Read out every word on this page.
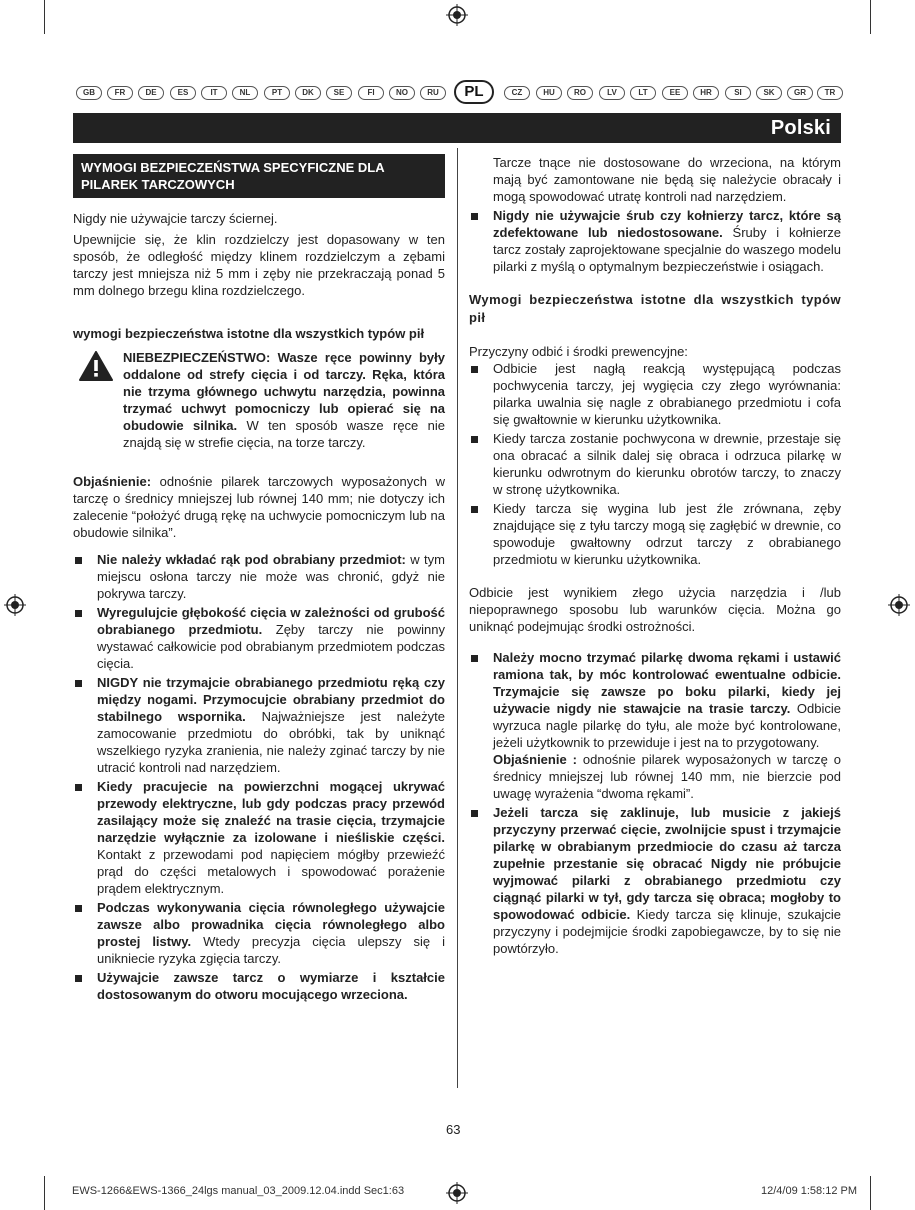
GB	FR	DE	ES	IT	NL	PT	DK	SE	FI	NO	RU	PL	CZ	HU	RO	LV	LT	EE	HR	SI	SK	GR	TR
Polski
WYMOGI BEZPIECZEŃSTWA SPECYFICZNE DLA PILAREK TARCZOWYCH

Nigdy nie używajcie tarczy ściernej.

Upewnijcie się, że klin rozdzielczy jest dopasowany w ten sposób, że odległość między klinem rozdzielczym a zębami tarczy jest mniejsza niż 5 mm i zęby nie przekraczają ponad 5 mm dolnego brzegu klina rozdzielczego.

wymogi bezpieczeństwa istotne dla wszystkich typów pił

NIEBEZPIECZEŃSTWO: Wasze ręce powinny były oddalone od strefy cięcia i od tarczy. Ręka, która nie trzyma głównego uchwytu narzędzia, powinna trzymać uchwyt pomocniczy lub opierać się na obudowie silnika. W ten sposób wasze ręce nie znajdą się w strefie cięcia, na torze tarczy.

Objaśnienie: odnośnie pilarek tarczowych wyposażonych w tarczę o średnicy mniejszej lub równej 140 mm; nie dotyczy ich zalecenie “położyć drugą rękę na uchwycie pomocniczym lub na obudowie silnika”.

Nie należy wkładać rąk pod obrabiany przedmiot: w tym miejscu osłona tarczy nie może was chronić, gdyż nie pokrywa tarczy.
Wyregulujcie głębokość cięcia w zależności od grubość obrabianego przedmiotu. Zęby tarczy nie powinny wystawać całkowicie pod obrabianym przedmiotem podczas cięcia.
NIGDY nie trzymajcie obrabianego przedmiotu ręką czy między nogami. Przymocujcie obrabiany przedmiot do stabilnego wspornika. Najważniejsze jest należyte zamocowanie przedmiotu do obróbki, tak by uniknąć wszelkiego ryzyka zranienia, nie należy zginać tarczy by nie utracić kontroli nad narzędziem.
Kiedy pracujecie na powierzchni mogącej ukrywać przewody elektryczne, lub gdy podczas pracy przewód zasilający może się znaleźć na trasie cięcia, trzymajcie narzędzie wyłącznie za izolowane i nieśliskie części. Kontakt z przewodami pod napięciem mógłby przewieźć prąd do części metalowych i spowodować porażenie prądem elektrycznym.
Podczas wykonywania cięcia równoległego używajcie zawsze albo prowadnika cięcia równoległego albo prostej listwy. Wtedy precyzja cięcia ulepszy się i unikniecie ryzyka zgięcia tarczy.
Używajcie zawsze tarcz o wymiarze i kształcie dostosowanym do otworu mocującego wrzeciona.

Tarcze tnące nie dostosowane do wrzeciona, na którym mają być zamontowane nie będą się należycie obracały i mogą spowodować utratę kontroli nad narzędziem.

Nigdy nie używajcie śrub czy kołnierzy tarcz, które są zdefektowane lub niedostosowane. Śruby i kołnierze tarcz zostały zaprojektowane specjalnie do waszego modelu pilarki z myślą o optymalnym bezpieczeństwie i osiągach.

Wymogi bezpieczeństwa istotne dla wszystkich typów pił

Przyczyny odbić i środki prewencyjne:

Odbicie jest nagłą reakcją występującą podczas pochwycenia tarczy, jej wygięcia czy złego wyrównania: pilarka uwalnia się nagle z obrabianego przedmiotu i cofa się gwałtownie w kierunku użytkownika.
Kiedy tarcza zostanie pochwycona w drewnie, przestaje się ona obracać a silnik dalej się obraca i odrzuca pilarkę w kierunku odwrotnym do kierunku obrotów tarczy, to znaczy w stronę użytkownika.
Kiedy tarcza się wygina lub jest źle zrównana, zęby znajdujące się z tyłu tarczy mogą się zagłębić w drewnie, co spowoduje gwałtowny odrzut tarczy z obrabianego przedmiotu w kierunku użytkownika.

Odbicie jest wynikiem złego użycia narzędzia i /lub niepoprawnego sposobu lub warunków cięcia. Można go uniknąć podejmując środki ostrożności.

Należy mocno trzymać pilarkę dwoma rękami i ustawić ramiona tak, by móc kontrolować ewentualne odbicie. Trzymajcie się zawsze po boku pilarki, kiedy jej używacie nigdy nie stawajcie na trasie tarczy. Odbicie wyrzuca nagle pilarkę do tyłu, ale może być kontrolowane, jeżeli użytkownik to przewiduje i jest na to przygotowany.
Objaśnienie : odnośnie pilarek wyposażonych w tarczę o średnicy mniejszej lub równej 140 mm, nie bierzcie pod uwagę wyrażenia “dwoma rękami”.
Jeżeli tarcza się zaklinuje, lub musicie z jakiejś przyczyny przerwać cięcie, zwolnijcie spust i trzymajcie pilarkę w obrabianym przedmiocie do czasu aż tarcza zupełnie przestanie się obracać Nigdy nie próbujcie wyjmować pilarki z obrabianego przedmiotu czy ciągnąć pilarki w tył, gdy tarcza się obraca; mogłoby to spowodować odbicie. Kiedy tarcza się klinuje, szukajcie przyczyny i podejmijcie środki zapobiegawcze, by to się nie powtórzyło.
63
EWS-1266&EWS-1366_24lgs manual_03_2009.12.04.indd Sec1:63	12/4/09 1:58:12 PM
